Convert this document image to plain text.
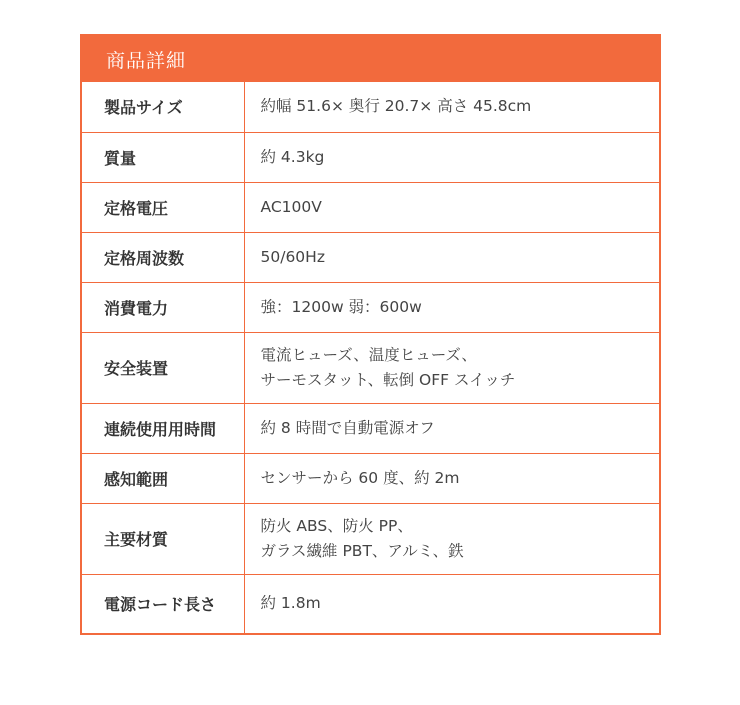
商品詳細
製品サイズ	約幅 51.6× 奥行 20.7× 高さ 45.8cm

質量	約 4.3kg

定格電圧	AC100V

定格周波数	50/60Hz

消費電力	強：1200w 弱：600w

安全装置	電流ヒューズ、温度ヒューズ、
サーモスタット、転倒 OFF スイッチ

連続使用用時間	約 8 時間で自動電源オフ

感知範囲	センサーから 60 度、約 2m

主要材質	防火 ABS、防火 PP、
ガラス繊維 PBT、アルミ、鉄

電源コード長さ	約 1.8m
